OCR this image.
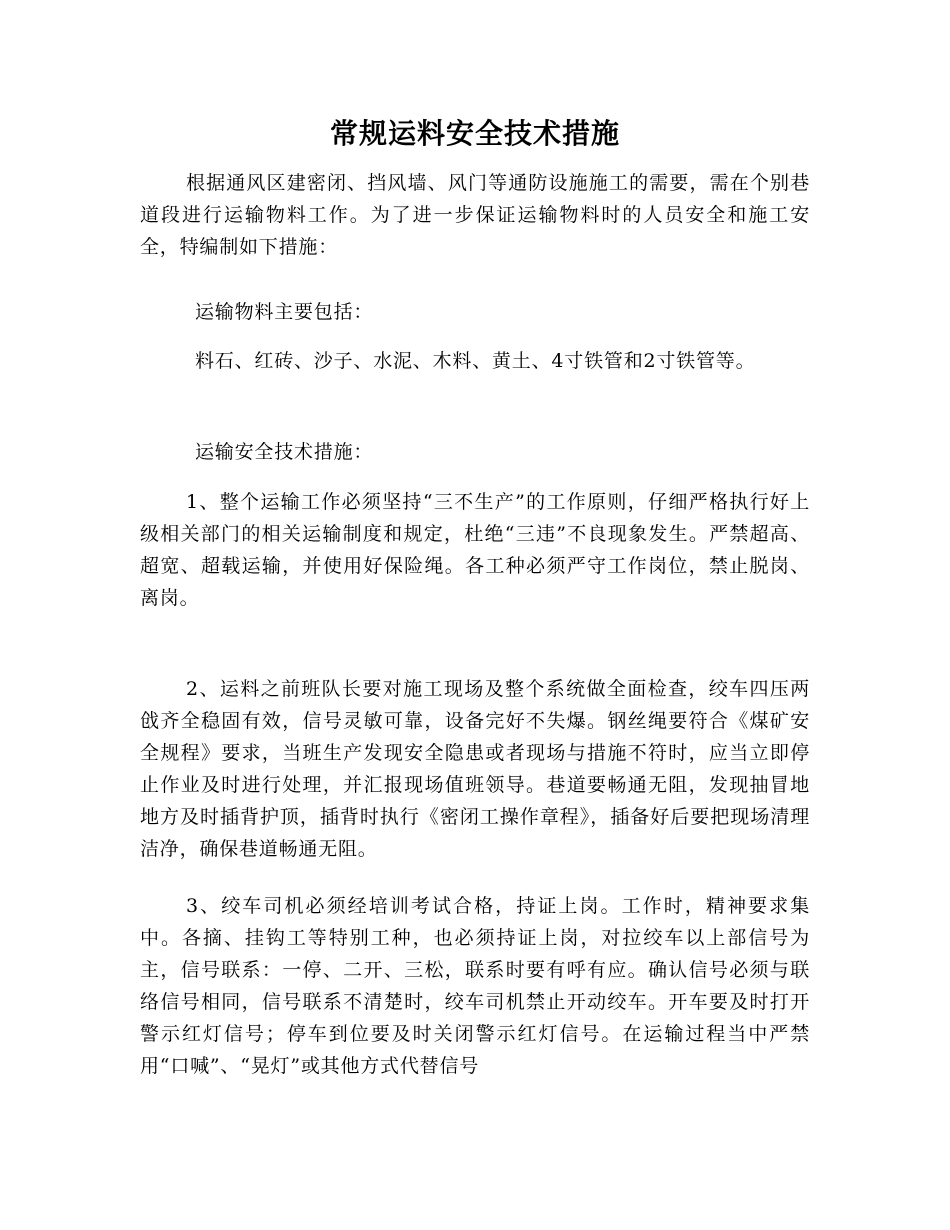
常规运料安全技术措施

根据通风区建密闭、挡风墙、风门等通防设施施工的需要，需在个别巷道段进行运输物料工作。为了进一步保证运输物料时的人员安全和施工安全，特编制如下措施：

运输物料主要包括：

料石、红砖、沙子、水泥、木料、黄土、4寸铁管和2寸铁管等。

运输安全技术措施：

1、整个运输工作必须坚持“三不生产”的工作原则，仔细严格执行好上级相关部门的相关运输制度和规定，杜绝“三违”不良现象发生。严禁超高、超宽、超载运输，并使用好保险绳。各工种必须严守工作岗位，禁止脱岗、离岗。

2、运料之前班队长要对施工现场及整个系统做全面检查，绞车四压两戗齐全稳固有效，信号灵敏可靠，设备完好不失爆。钢丝绳要符合《煤矿安全规程》要求，当班生产发现安全隐患或者现场与措施不符时，应当立即停止作业及时进行处理，并汇报现场值班领导。巷道要畅通无阻，发现抽冒地地方及时插背护顶，插背时执行《密闭工操作章程》，插备好后要把现场清理洁净，确保巷道畅通无阻。

3、绞车司机必须经培训考试合格，持证上岗。工作时，精神要求集中。各摘、挂钩工等特别工种，也必须持证上岗，对拉绞车以上部信号为主，信号联系：一停、二开、三松，联系时要有呼有应。确认信号必须与联络信号相同，信号联系不清楚时，绞车司机禁止开动绞车。开车要及时打开警示红灯信号；停车到位要及时关闭警示红灯信号。在运输过程当中严禁用“口喊”、“晃灯”或其他方式代替信号
